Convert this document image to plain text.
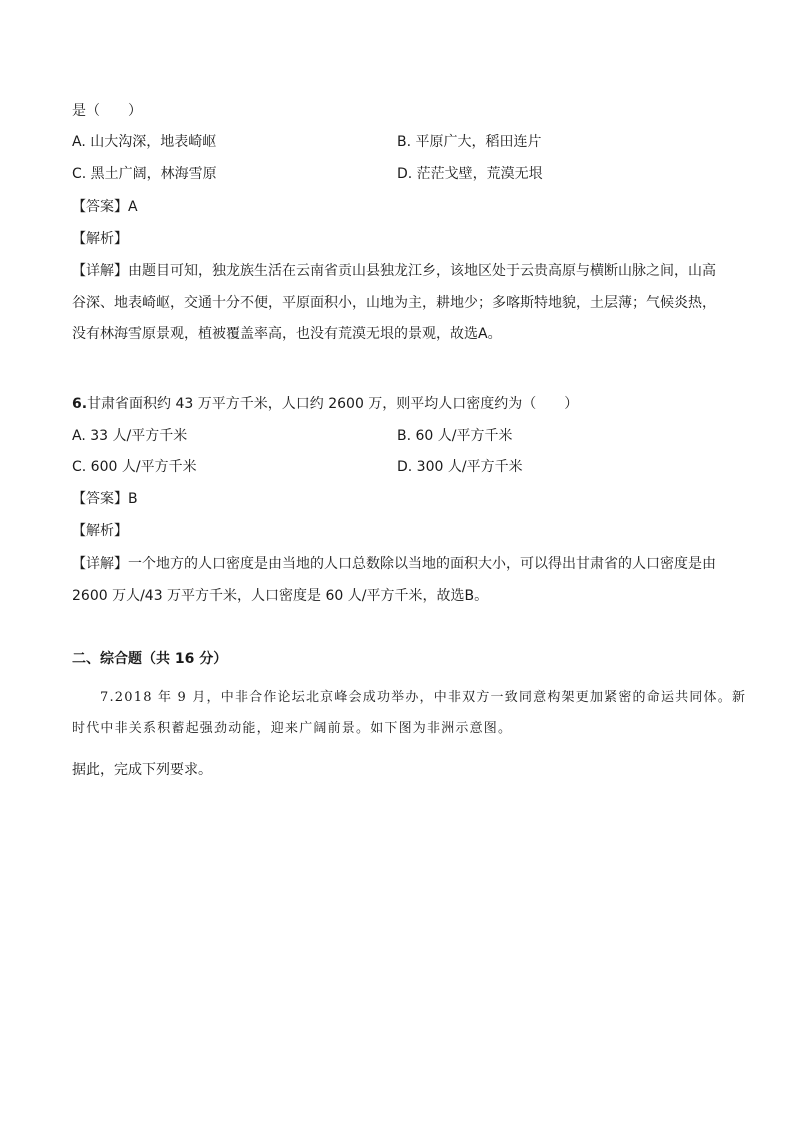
是（　　）
A. 山大沟深，地表崎岖	B. 平原广大，稻田连片
C. 黑土广阔，林海雪原	D. 茫茫戈壁，荒漠无垠
【答案】A
【解析】
【详解】由题目可知，独龙族生活在云南省贡山县独龙江乡，该地区处于云贵高原与横断山脉之间，山高
谷深、地表崎岖，交通十分不便，平原面积小，山地为主，耕地少；多喀斯特地貌，土层薄；气候炎热，
没有林海雪原景观，植被覆盖率高，也没有荒漠无垠的景观，故选A。
6.甘肃省面积约 43 万平方千米，人口约 2600 万，则平均人口密度约为（　　）
A. 33 人/平方千米	B. 60 人/平方千米
C. 600 人/平方千米	D. 300 人/平方千米
【答案】B
【解析】
【详解】一个地方的人口密度是由当地的人口总数除以当地的面积大小，可以得出甘肃省的人口密度是由
2600 万人/43 万平方千米，人口密度是 60 人/平方千米，故选B。
二、综合题（共 16 分）
7.2018 年 9 月，中非合作论坛北京峰会成功举办，中非双方一致同意构架更加紧密的命运共同体。新
时代中非关系积蓄起强劲动能，迎来广阔前景。如下图为非洲示意图。
据此，完成下列要求。
